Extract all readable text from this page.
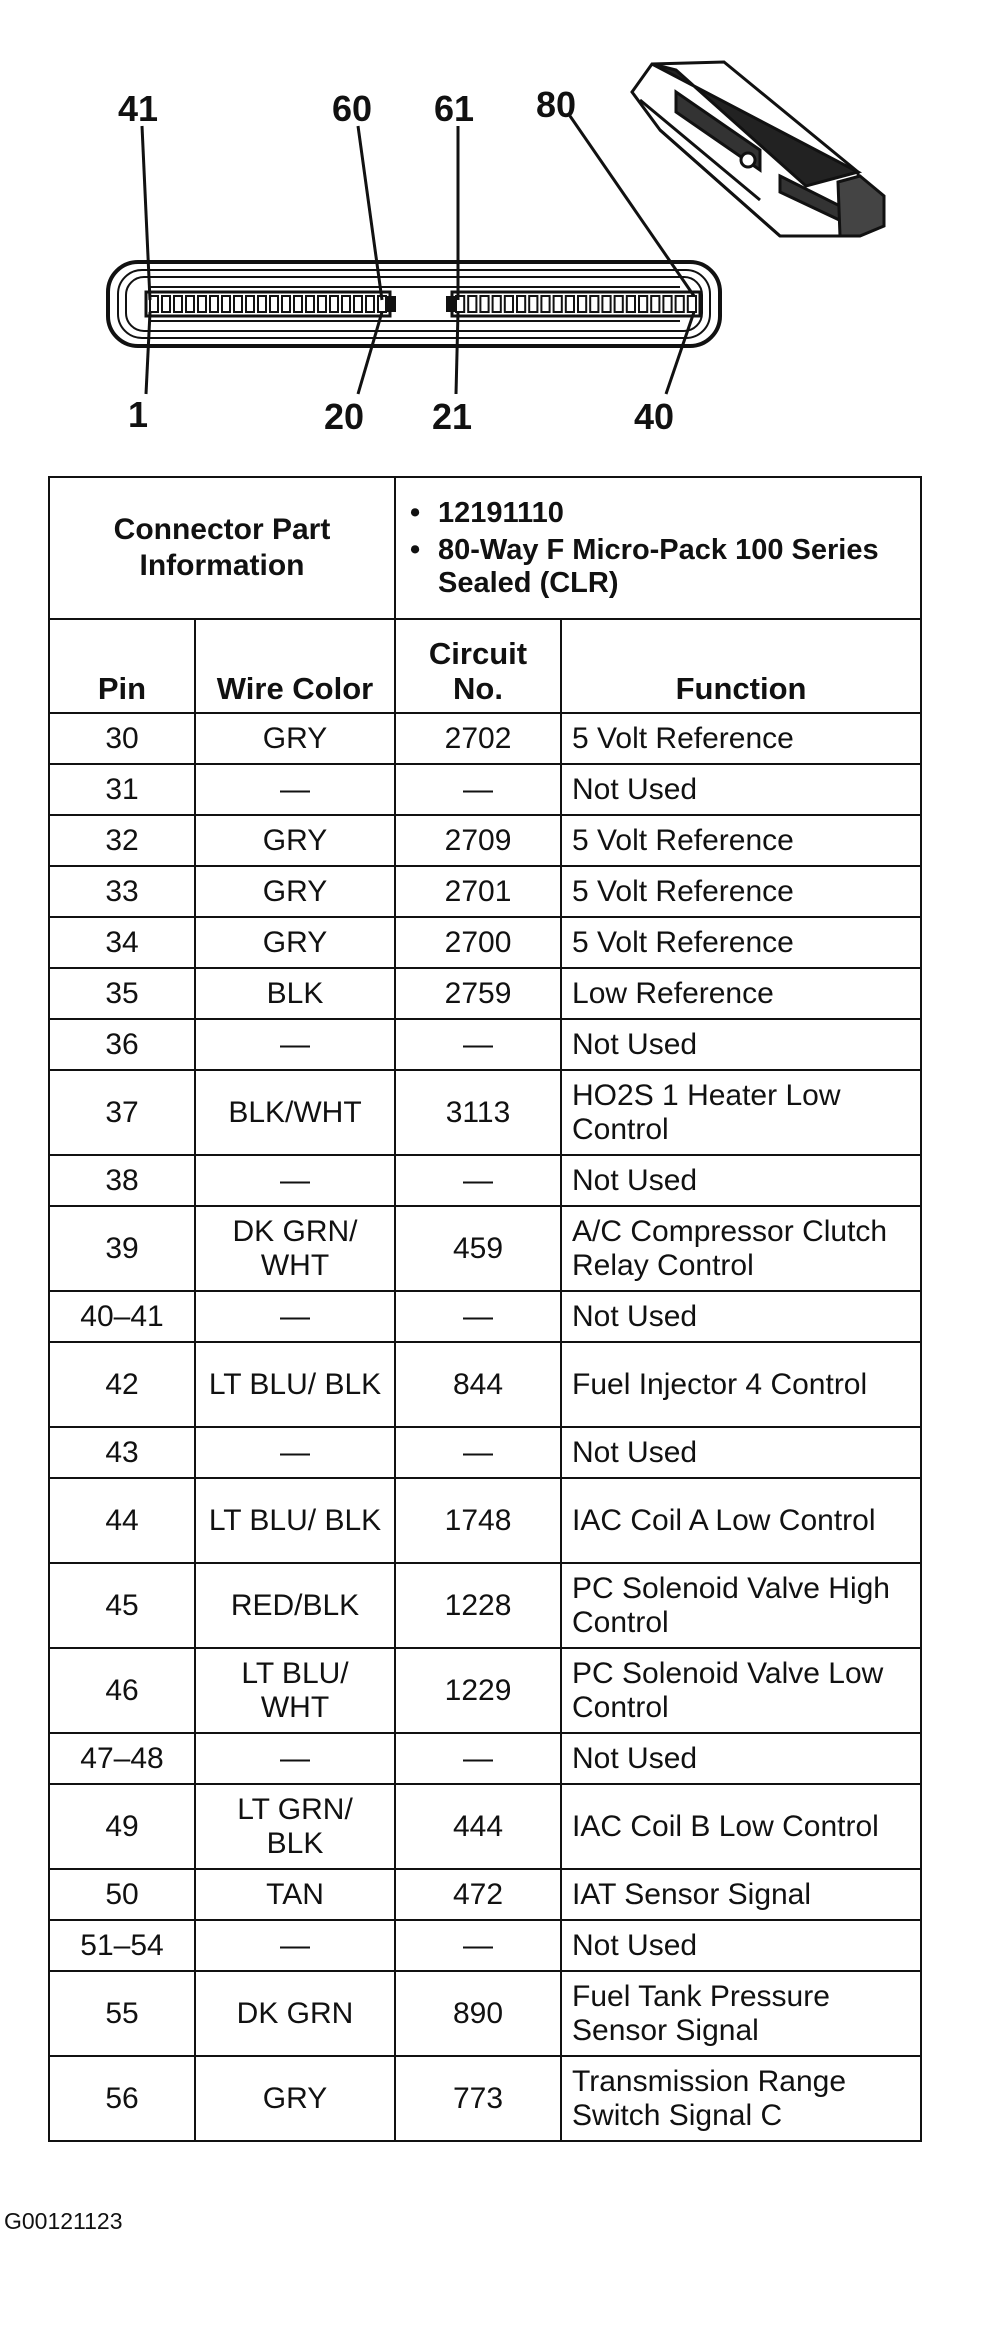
41	60 61 80
1	20 21	40
Connector Part Information		• 12191110
• 80-Way F Micro-Pack 100 Series Sealed (CLR)	

Pin	Wire Color	Circuit No.	Function
30	GRY	2702	5 Volt Reference
31	—	—	Not Used
32	GRY	2709	5 Volt Reference
33	GRY	2701	5 Volt Reference
34	GRY	2700	5 Volt Reference
35	BLK	2759	Low Reference
36	—	—	Not Used
37	BLK/WHT	3113	HO2S 1 Heater Low Control
38	—	—	Not Used
39	DK GRN/ WHT	459	A/C Compressor Clutch Relay Control
40–41	—	—	Not Used
42	LT BLU/ BLK	844	Fuel Injector 4 Control
43	—	—	Not Used
44	LT BLU/ BLK	1748	IAC Coil A Low Control
45	RED/BLK	1228	PC Solenoid Valve High Control
46	LT BLU/ WHT	1229	PC Solenoid Valve Low Control
47–48	—	—	Not Used
49	LT GRN/ BLK	444	IAC Coil B Low Control
50	TAN	472	IAT Sensor Signal
51–54	—	—	Not Used
55	DK GRN	890	Fuel Tank Pressure Sensor Signal
56	GRY	773	Transmission Range Switch Signal C
G00121123
